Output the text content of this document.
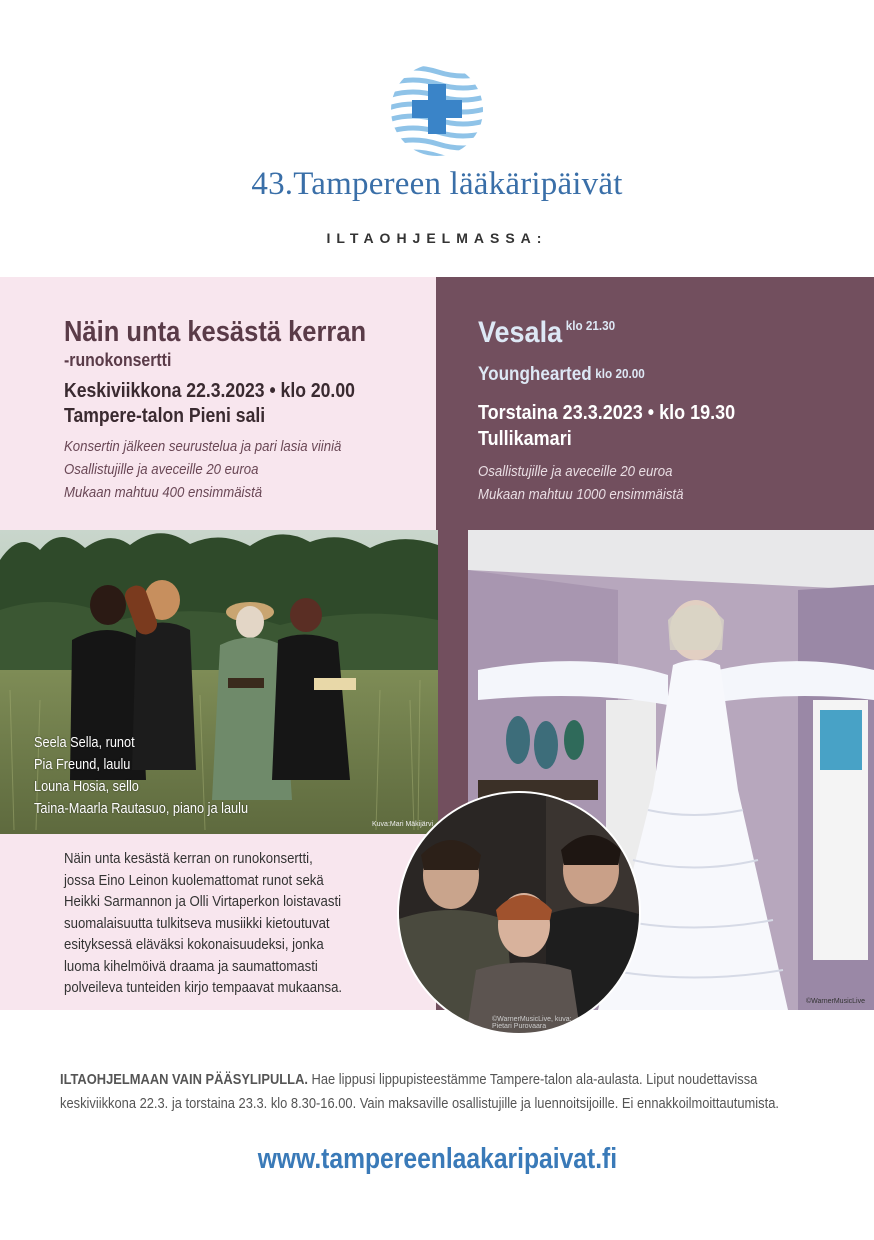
43.Tampereen lääkäripäivät
ILTAOHJELMASSA:
Näin unta kesästä kerran
-runokonsertti
Keskiviikkona 22.3.2023 • klo 20.00
Tampere-talon Pieni sali
Konsertin jälkeen seurustelua ja pari lasia viiniä
Osallistujille ja aveceille 20 euroa
Mukaan mahtuu 400 ensimmäistä
Vesala $^{klo 21.30}$
Younghearted $^{klo 20.00}$
Torstaina 23.3.2023 • klo 19.30
Tullikamari
Osallistujille ja aveceille 20 euroa
Mukaan mahtuu 1000 ensimmäistä
Seela Sella, runot
Pia Freund, laulu
Louna Hosia, sello
Taina-Maarla Rautasuo, piano ja laulu
Kuva:Mari Mäkijärvi
©WarnerMusicLive
Näin unta kesästä kerran on runokonsertti,
jossa Eino Leinon kuolemattomat runot sekä
Heikki Sarmannon ja Olli Virtaperkon loistavasti
suomalaisuutta tulkitseva musiikki kietoutuvat
esityksessä eläväksi kokonaisuudeksi, jonka
luoma kihelmöivä draama ja saumattomasti
polveileva tunteiden kirjo tempaavat mukaansa.
©WarnerMusicLive, kuva: Pietari Purovaara
ILTAOHJELMAAN VAIN PÄÄSYLIPULLA. Hae lippusi lippupisteestämme Tampere-talon ala-aulasta. Liput noudettavissa
keskiviikkona 22.3. ja torstaina 23.3. klo 8.30-16.00. Vain maksaville osallistujille ja luennoitsijoille. Ei ennakkoilmoittautumista.
www.tampereenlaakaripaivat.fi
